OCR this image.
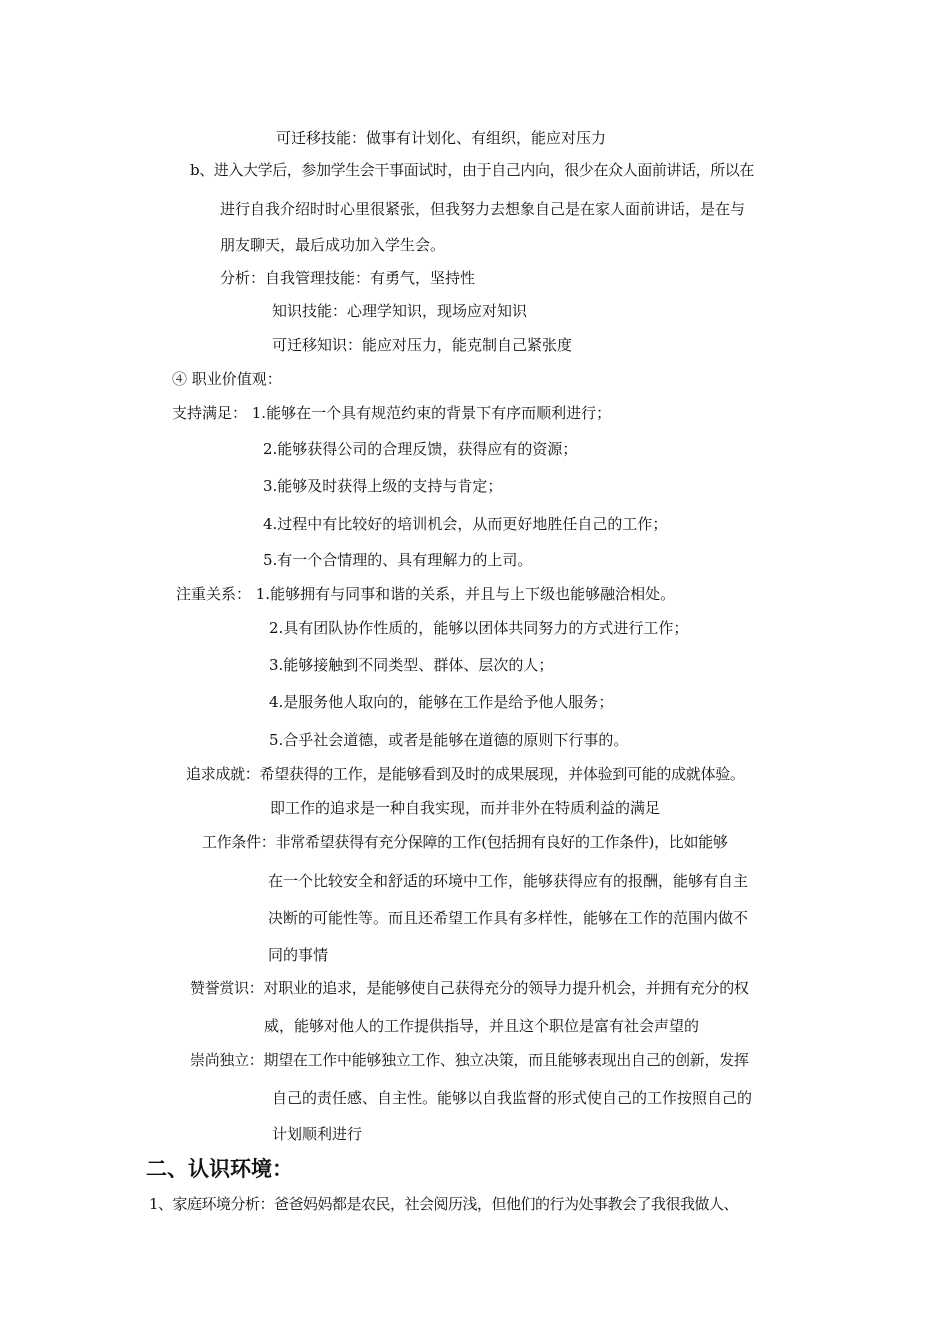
可迁移技能：做事有计划化、有组织，能应对压力
b、进入大学后，参加学生会干事面试时，由于自己内向，很少在众人面前讲话，所以在
进行自我介绍时时心里很紧张，但我努力去想象自己是在家人面前讲话，是在与
朋友聊天，最后成功加入学生会。
分析：自我管理技能：有勇气，坚持性
知识技能：心理学知识，现场应对知识
可迁移知识：能应对压力，能克制自己紧张度
④ 职业价值观：
支持满足： 1.能够在一个具有规范约束的背景下有序而顺利进行；
2.能够获得公司的合理反馈，获得应有的资源；
3.能够及时获得上级的支持与肯定；
4.过程中有比较好的培训机会，从而更好地胜任自己的工作；
5.有一个合情理的、具有理解力的上司。
注重关系： 1.能够拥有与同事和谐的关系，并且与上下级也能够融洽相处。
2.具有团队协作性质的，能够以团体共同努力的方式进行工作；
3.能够接触到不同类型、群体、层次的人；
4.是服务他人取向的，能够在工作是给予他人服务；
5.合乎社会道德，或者是能够在道德的原则下行事的。
追求成就：希望获得的工作，是能够看到及时的成果展现，并体验到可能的成就体验。
即工作的追求是一种自我实现，而并非外在特质利益的满足
工作条件：非常希望获得有充分保障的工作(包括拥有良好的工作条件)，比如能够
在一个比较安全和舒适的环境中工作，能够获得应有的报酬，能够有自主
决断的可能性等。而且还希望工作具有多样性，能够在工作的范围内做不
同的事情
赞誉赏识：对职业的追求，是能够使自己获得充分的领导力提升机会，并拥有充分的权
威，能够对他人的工作提供指导，并且这个职位是富有社会声望的
崇尚独立：期望在工作中能够独立工作、独立决策，而且能够表现出自己的创新，发挥
自己的责任感、自主性。能够以自我监督的形式使自己的工作按照自己的
计划顺利进行
二、认识环境：
1、家庭环境分析：爸爸妈妈都是农民，社会阅历浅，但他们的行为处事教会了我很我做人、
